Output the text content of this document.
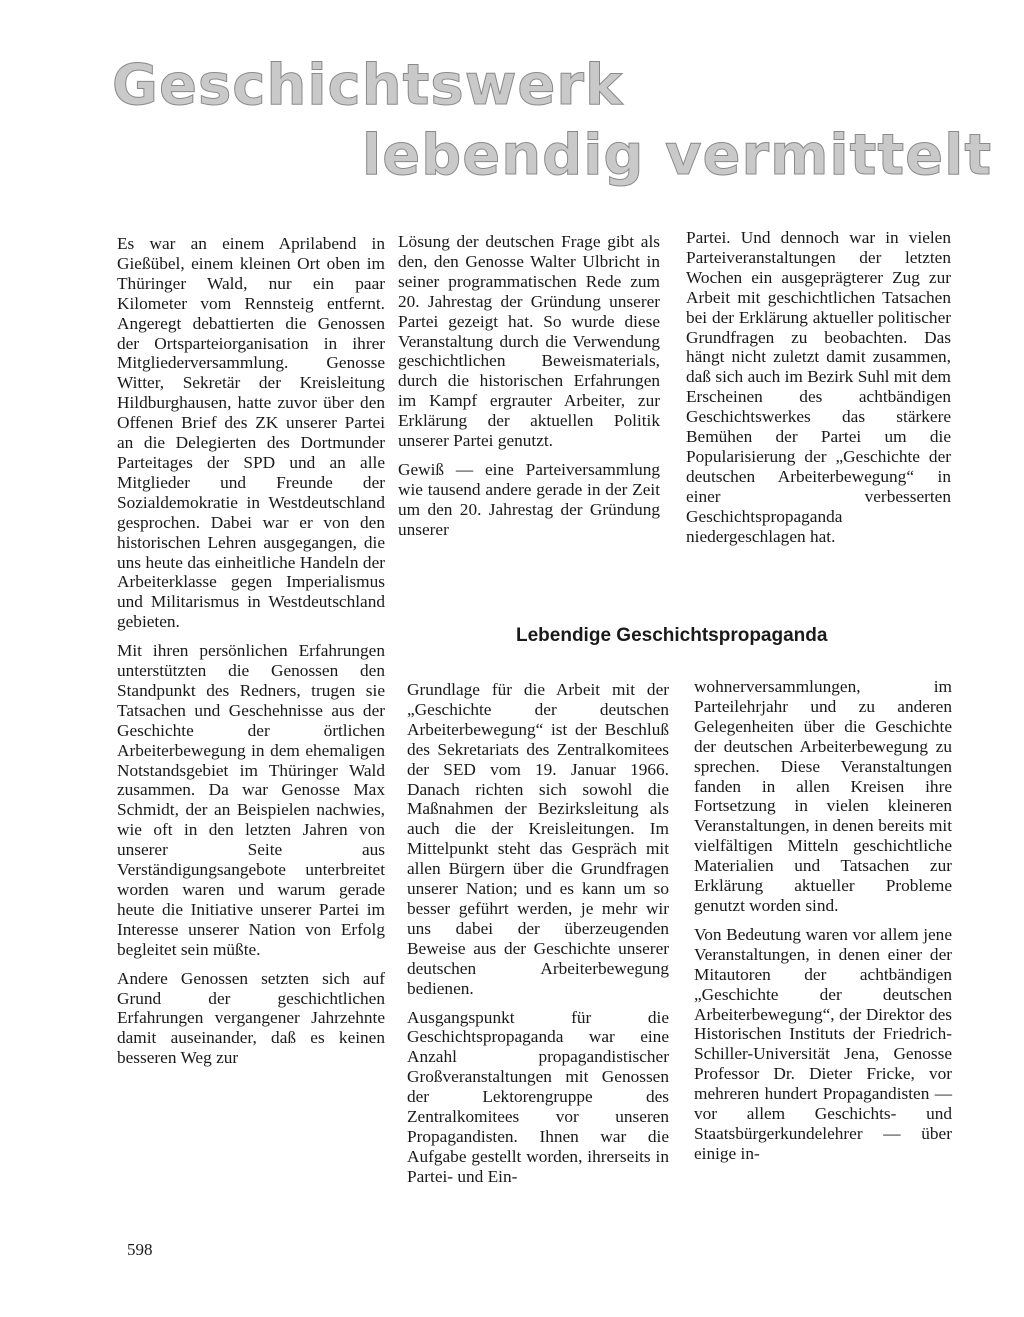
Geschichtswerk
lebendig vermittelt

Es war an einem Aprilabend in Gießübel, einem kleinen Ort oben im Thüringer Wald, nur ein paar Kilometer vom Rennsteig entfernt. Angeregt debattierten die Genossen der Ortsparteiorganisation in ihrer Mitgliederversammlung. Genosse Witter, Sekretär der Kreisleitung Hildburghausen, hatte zuvor über den Offenen Brief des ZK unserer Partei an die Delegierten des Dortmunder Parteitages der SPD und an alle Mitglieder und Freunde der Sozialdemokratie in Westdeutschland gesprochen. Dabei war er von den historischen Lehren ausgegangen, die uns heute das einheitliche Handeln der Arbeiterklasse gegen Imperialismus und Militarismus in Westdeutschland gebieten.

Mit ihren persönlichen Erfahrungen unterstützten die Genossen den Standpunkt des Redners, trugen sie Tatsachen und Geschehnisse aus der Geschichte der örtlichen Arbeiterbewegung in dem ehemaligen Notstandsgebiet im Thüringer Wald zusammen. Da war Genosse Max Schmidt, der an Beispielen nachwies, wie oft in den letzten Jahren von unserer Seite aus Verständigungsangebote unterbreitet worden waren und warum gerade heute die Initiative unserer Partei im Interesse unserer Nation von Erfolg begleitet sein müßte.

Andere Genossen setzten sich auf Grund der geschichtlichen Erfahrungen vergangener Jahrzehnte damit auseinander, daß es keinen besseren Weg zur

Lösung der deutschen Frage gibt als den, den Genosse Walter Ulbricht in seiner programmatischen Rede zum 20. Jahrestag der Gründung unserer Partei gezeigt hat. So wurde diese Veranstaltung durch die Verwendung geschichtlichen Beweismaterials, durch die historischen Erfahrungen im Kampf ergrauter Arbeiter, zur Erklärung der aktuellen Politik unserer Partei genutzt.

Gewiß — eine Parteiversammlung wie tausend andere gerade in der Zeit um den 20. Jahrestag der Gründung unserer

Partei. Und dennoch war in vielen Parteiveranstaltungen der letzten Wochen ein ausgeprägterer Zug zur Arbeit mit geschichtlichen Tatsachen bei der Erklärung aktueller politischer Grundfragen zu beobachten. Das hängt nicht zuletzt damit zusammen, daß sich auch im Bezirk Suhl mit dem Erscheinen des achtbändigen Geschichtswerkes das stärkere Bemühen der Partei um die Popularisierung der „Geschichte der deutschen Arbeiterbewegung“ in einer verbesserten Geschichtspropaganda niedergeschlagen hat.

Lebendige Geschichtspropaganda

Grundlage für die Arbeit mit der „Geschichte der deutschen Arbeiterbewegung“ ist der Beschluß des Sekretariats des Zentralkomitees der SED vom 19. Januar 1966. Danach richten sich sowohl die Maßnahmen der Bezirksleitung als auch die der Kreisleitungen. Im Mittelpunkt steht das Gespräch mit allen Bürgern über die Grundfragen unserer Nation; und es kann um so besser geführt werden, je mehr wir uns dabei der überzeugenden Beweise aus der Geschichte unserer deutschen Arbeiterbewegung bedienen.

Ausgangspunkt für die Geschichtspropaganda war eine Anzahl propagandistischer Großveranstaltungen mit Genossen der Lektorengruppe des Zentralkomitees vor unseren Propagandisten. Ihnen war die Aufgabe gestellt worden, ihrerseits in Partei- und Ein-

wohnerversammlungen, im Parteilehrjahr und zu anderen Gelegenheiten über die Geschichte der deutschen Arbeiterbewegung zu sprechen. Diese Veranstaltungen fanden in allen Kreisen ihre Fortsetzung in vielen kleineren Veranstaltungen, in denen bereits mit vielfältigen Mitteln geschichtliche Materialien und Tatsachen zur Erklärung aktueller Probleme genutzt worden sind.

Von Bedeutung waren vor allem jene Veranstaltungen, in denen einer der Mitautoren der achtbändigen „Geschichte der deutschen Arbeiterbewegung“, der Direktor des Historischen Instituts der Friedrich-Schiller-Universität Jena, Genosse Professor Dr. Dieter Fricke, vor mehreren hundert Propagandisten — vor allem Geschichts- und Staatsbürgerkundelehrer — über einige in-

598
